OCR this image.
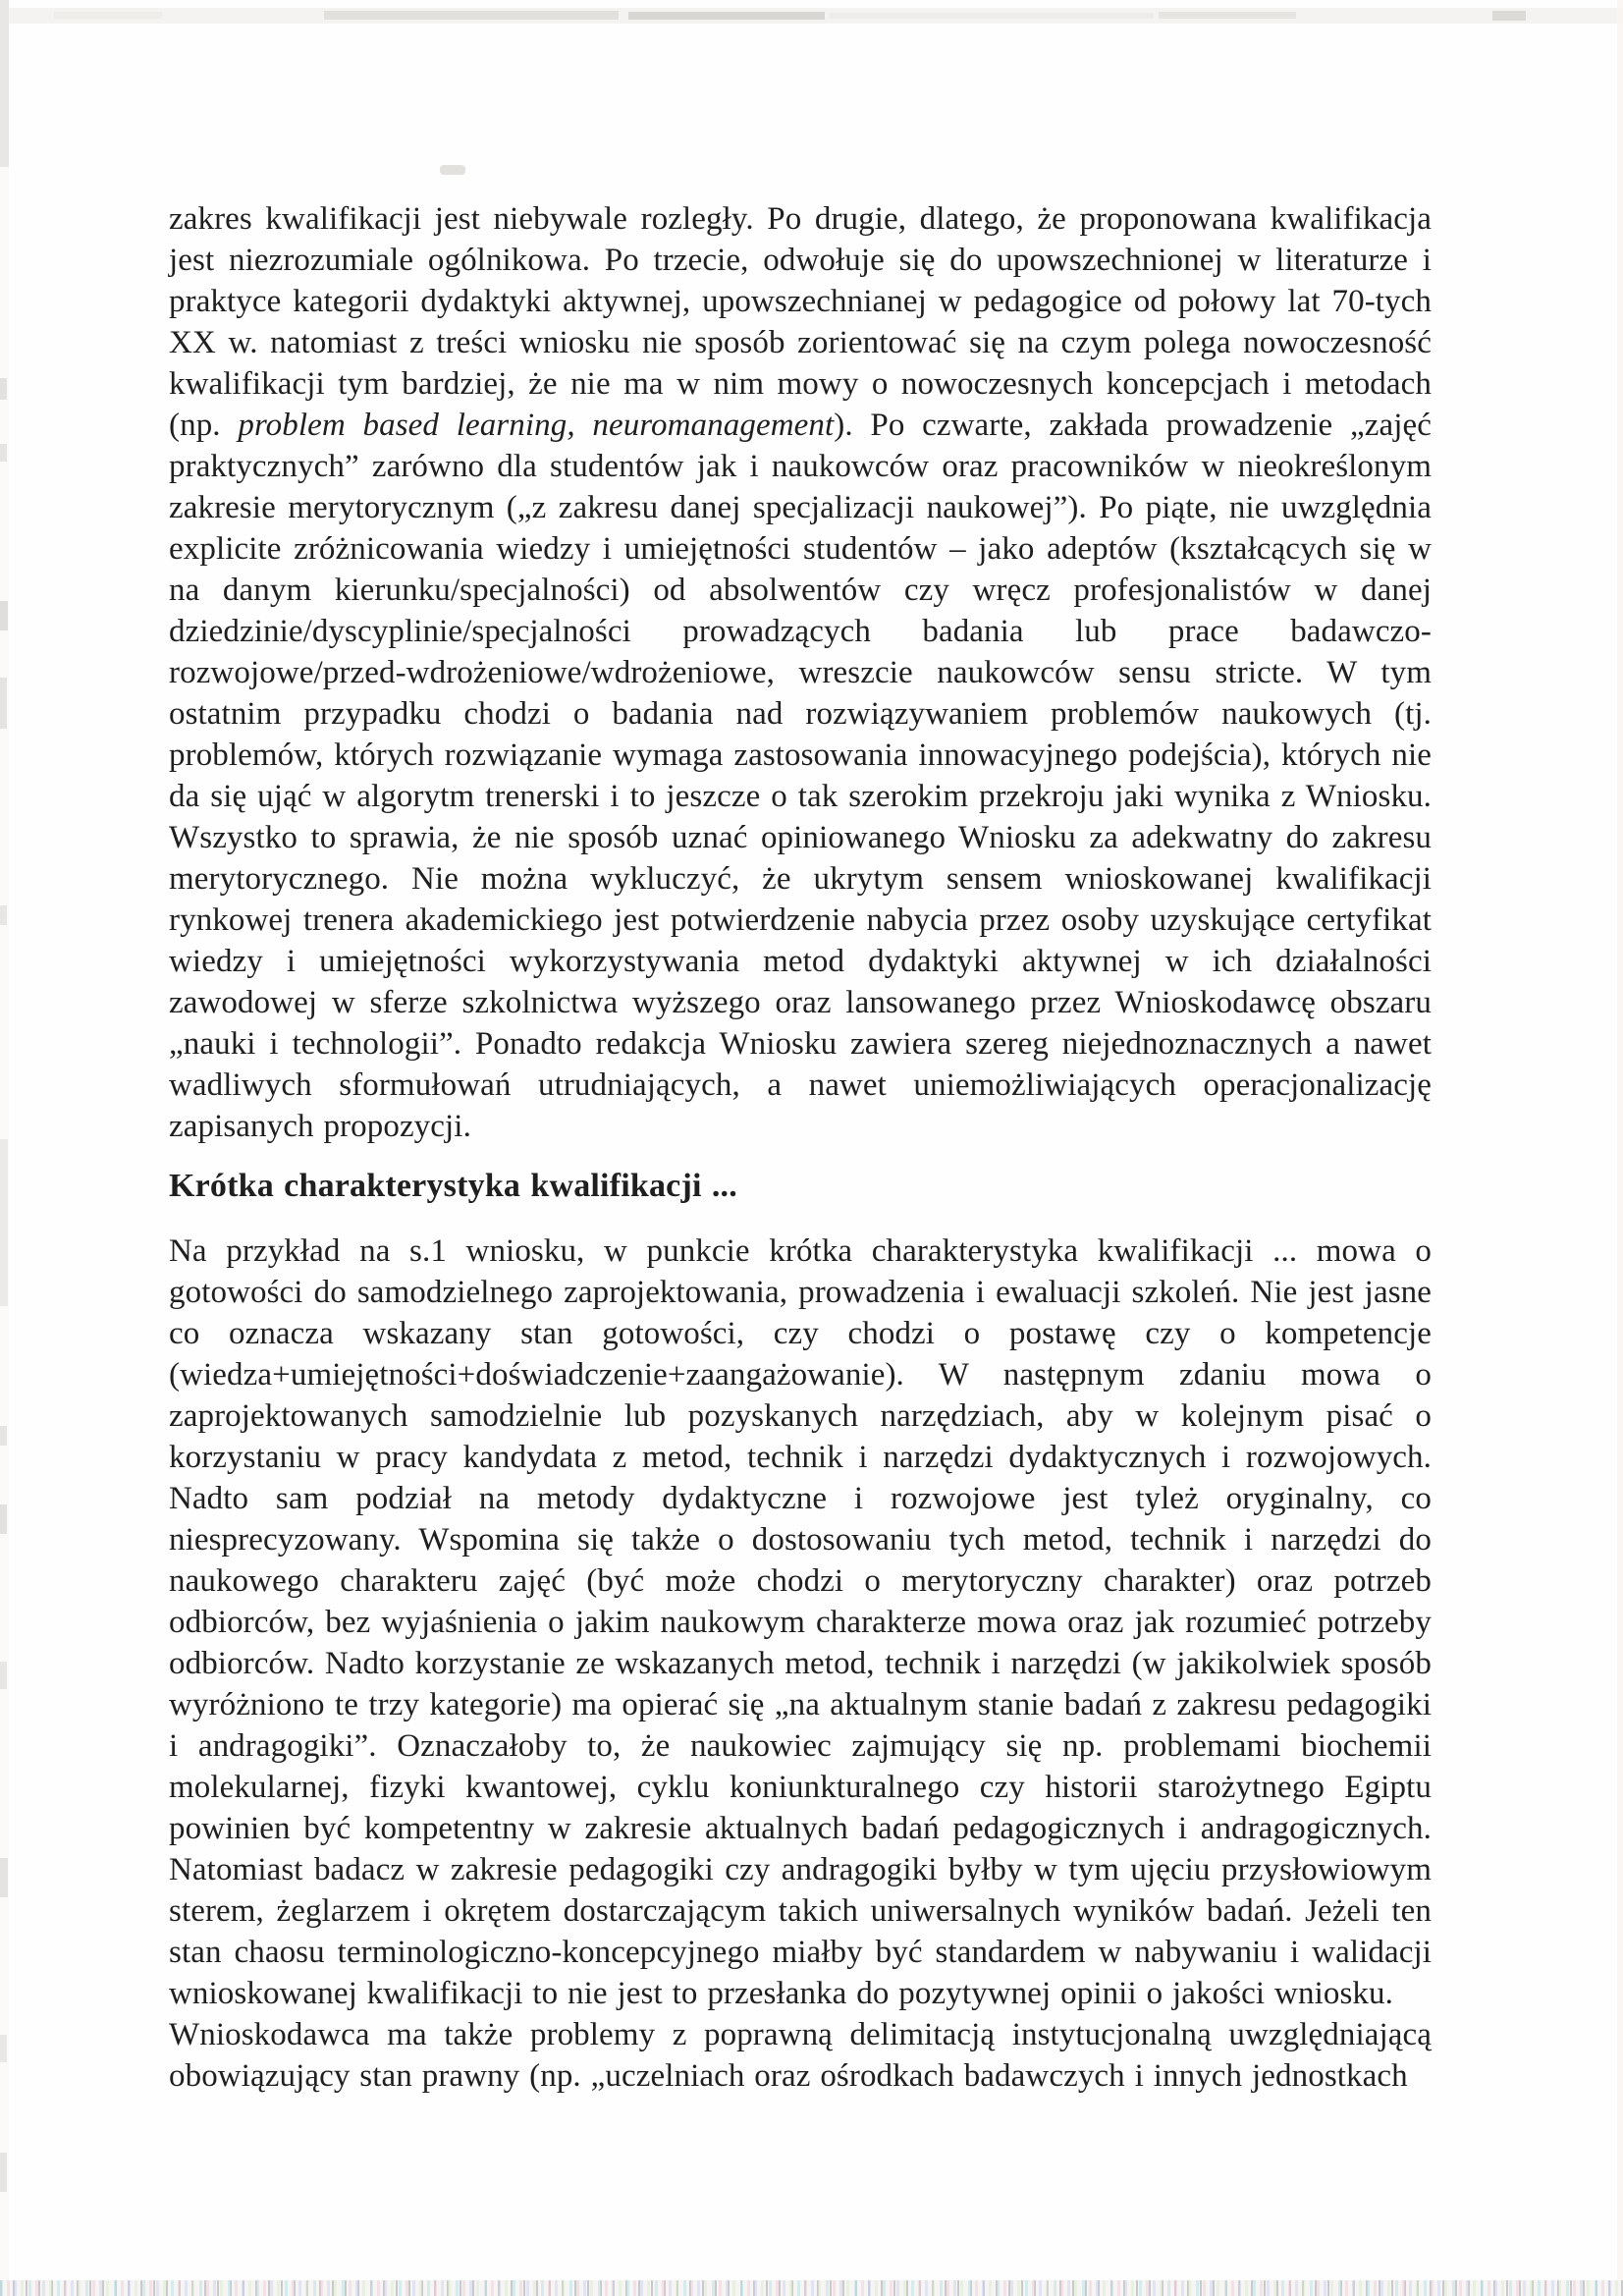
zakres kwalifikacji jest niebywale rozległy. Po drugie, dlatego, że proponowana kwalifikacja jest niezrozumiale ogólnikowa. Po trzecie, odwołuje się do upowszechnionej w literaturze i praktyce kategorii dydaktyki aktywnej, upowszechnianej w pedagogice od połowy lat 70-tych XX w. natomiast z treści wniosku nie sposób zorientować się na czym polega nowoczesność kwalifikacji tym bardziej, że nie ma w nim mowy o nowoczesnych koncepcjach i metodach (np. problem based learning, neuromanagement). Po czwarte, zakłada prowadzenie „zajęć praktycznych” zarówno dla studentów jak i naukowców oraz pracowników w nieokreślonym zakresie merytorycznym („z zakresu danej specjalizacji naukowej”). Po piąte, nie uwzględnia explicite zróżnicowania wiedzy i umiejętności studentów – jako adeptów (kształcących się w na danym kierunku/specjalności) od absolwentów czy wręcz profesjonalistów w danej dziedzinie/dyscyplinie/specjalności prowadzących badania lub prace badawczo-rozwojowe/przed-wdrożeniowe/wdrożeniowe, wreszcie naukowców sensu stricte. W tym ostatnim przypadku chodzi o badania nad rozwiązywaniem problemów naukowych (tj. problemów, których rozwiązanie wymaga zastosowania innowacyjnego podejścia), których nie da się ująć w algorytm trenerski i to jeszcze o tak szerokim przekroju jaki wynika z Wniosku. Wszystko to sprawia, że nie sposób uznać opiniowanego Wniosku za adekwatny do zakresu merytorycznego. Nie można wykluczyć, że ukrytym sensem wnioskowanej kwalifikacji rynkowej trenera akademickiego jest potwierdzenie nabycia przez osoby uzyskujące certyfikat wiedzy i umiejętności wykorzystywania metod dydaktyki aktywnej w ich działalności zawodowej w sferze szkolnictwa wyższego oraz lansowanego przez Wnioskodawcę obszaru „nauki i technologii”. Ponadto redakcja Wniosku zawiera szereg niejednoznacznych a nawet wadliwych sformułowań utrudniających, a nawet uniemożliwiających operacjonalizację zapisanych propozycji.

Krótka charakterystyka kwalifikacji ...

Na przykład na s.1 wniosku, w punkcie krótka charakterystyka kwalifikacji ... mowa o gotowości do samodzielnego zaprojektowania, prowadzenia i ewaluacji szkoleń. Nie jest jasne co oznacza wskazany stan gotowości, czy chodzi o postawę czy o kompetencje (wiedza+umiejętności+doświadczenie+zaangażowanie). W następnym zdaniu mowa o zaprojektowanych samodzielnie lub pozyskanych narzędziach, aby w kolejnym pisać o korzystaniu w pracy kandydata z metod, technik i narzędzi dydaktycznych i rozwojowych. Nadto sam podział na metody dydaktyczne i rozwojowe jest tyleż oryginalny, co niesprecyzowany. Wspomina się także o dostosowaniu tych metod, technik i narzędzi do naukowego charakteru zajęć (być może chodzi o merytoryczny charakter) oraz potrzeb odbiorców, bez wyjaśnienia o jakim naukowym charakterze mowa oraz jak rozumieć potrzeby odbiorców. Nadto korzystanie ze wskazanych metod, technik i narzędzi (w jakikolwiek sposób wyróżniono te trzy kategorie) ma opierać się „na aktualnym stanie badań z zakresu pedagogiki i andragogiki”. Oznaczałoby to, że naukowiec zajmujący się np. problemami biochemii molekularnej, fizyki kwantowej, cyklu koniunkturalnego czy historii starożytnego Egiptu powinien być kompetentny w zakresie aktualnych badań pedagogicznych i andragogicznych. Natomiast badacz w zakresie pedagogiki czy andragogiki byłby w tym ujęciu przysłowiowym sterem, żeglarzem i okrętem dostarczającym takich uniwersalnych wyników badań. Jeżeli ten stan chaosu terminologiczno-koncepcyjnego miałby być standardem w nabywaniu i walidacji wnioskowanej kwalifikacji to nie jest to przesłanka do pozytywnej opinii o jakości wniosku.

Wnioskodawca ma także problemy z poprawną delimitacją instytucjonalną uwzględniającą obowiązujący stan prawny (np. „uczelniach oraz ośrodkach badawczych i innych jednostkach
